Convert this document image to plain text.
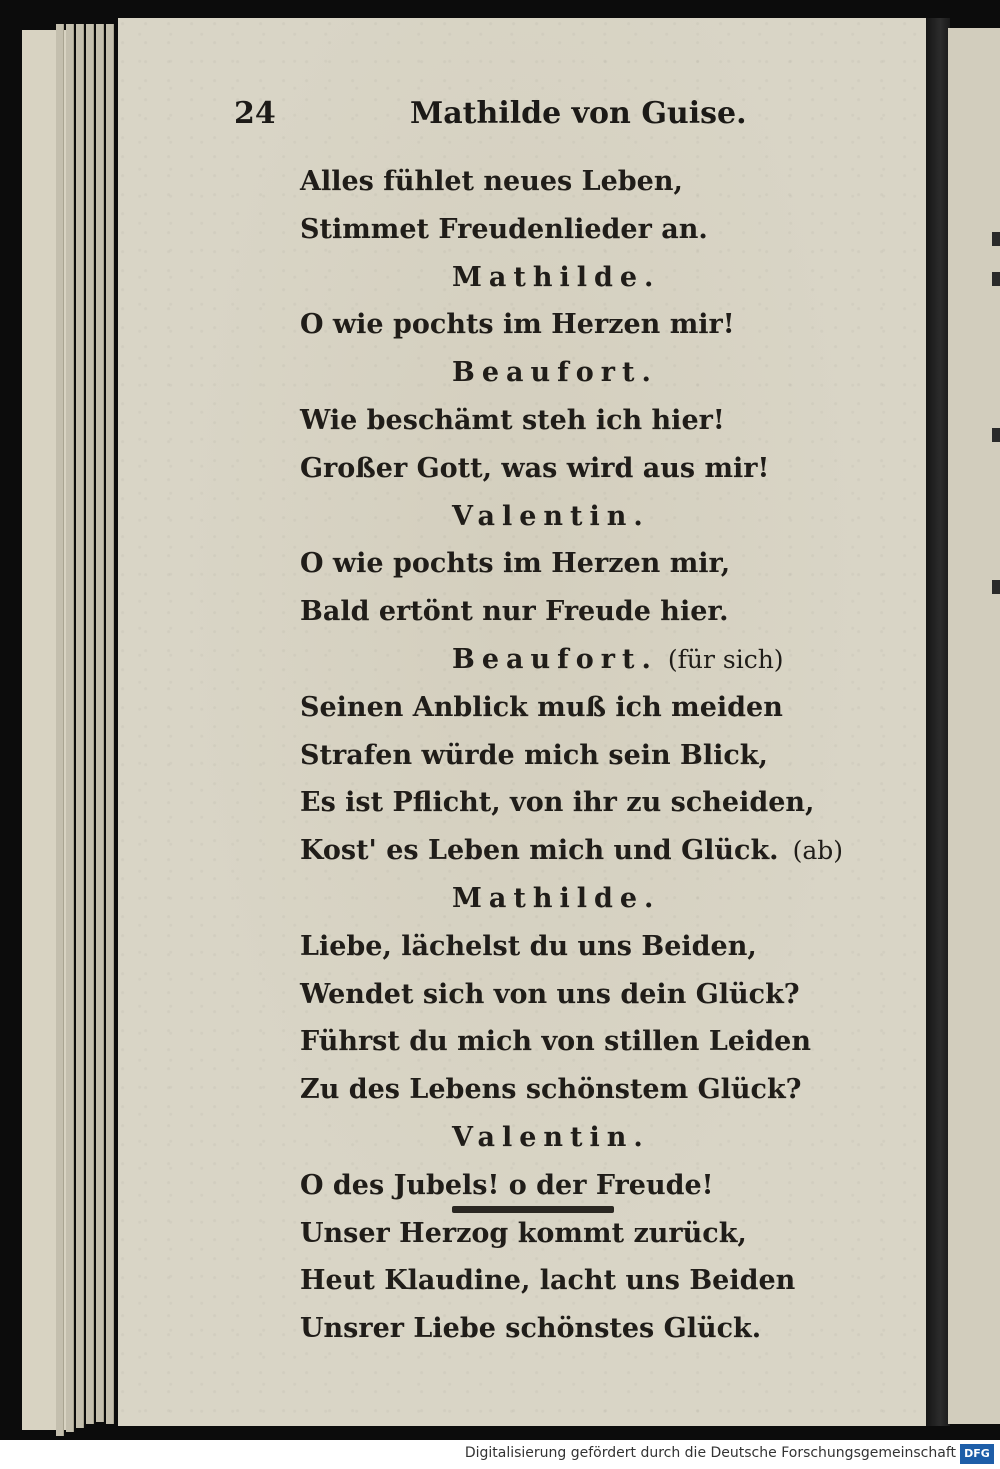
24	Mathilde von Guise.
Alles fühlet neues Leben,
Stimmet Freudenlieder an.
Mathilde.
O wie pochts im Herzen mir!
Beaufort.
Wie beschämt steh ich hier!
Großer Gott, was wird aus mir!
Valentin.
O wie pochts im Herzen mir,
Bald ertönt nur Freude hier.
Beaufort. (für sich)
Seinen Anblick muß ich meiden
Strafen würde mich sein Blick,
Es ist Pflicht, von ihr zu scheiden,
Kost' es Leben mich und Glück. (ab)
Mathilde.
Liebe, lächelst du uns Beiden,
Wendet sich von uns dein Glück?
Führst du mich von stillen Leiden
Zu des Lebens schönstem Glück?
Valentin.
O des Jubels! o der Freude!
Unser Herzog kommt zurück,
Heut Klaudine, lacht uns Beiden
Unsrer Liebe schönstes Glück.
Digitalisierung gefördert durch die Deutsche Forschungsgemeinschaft DFG
